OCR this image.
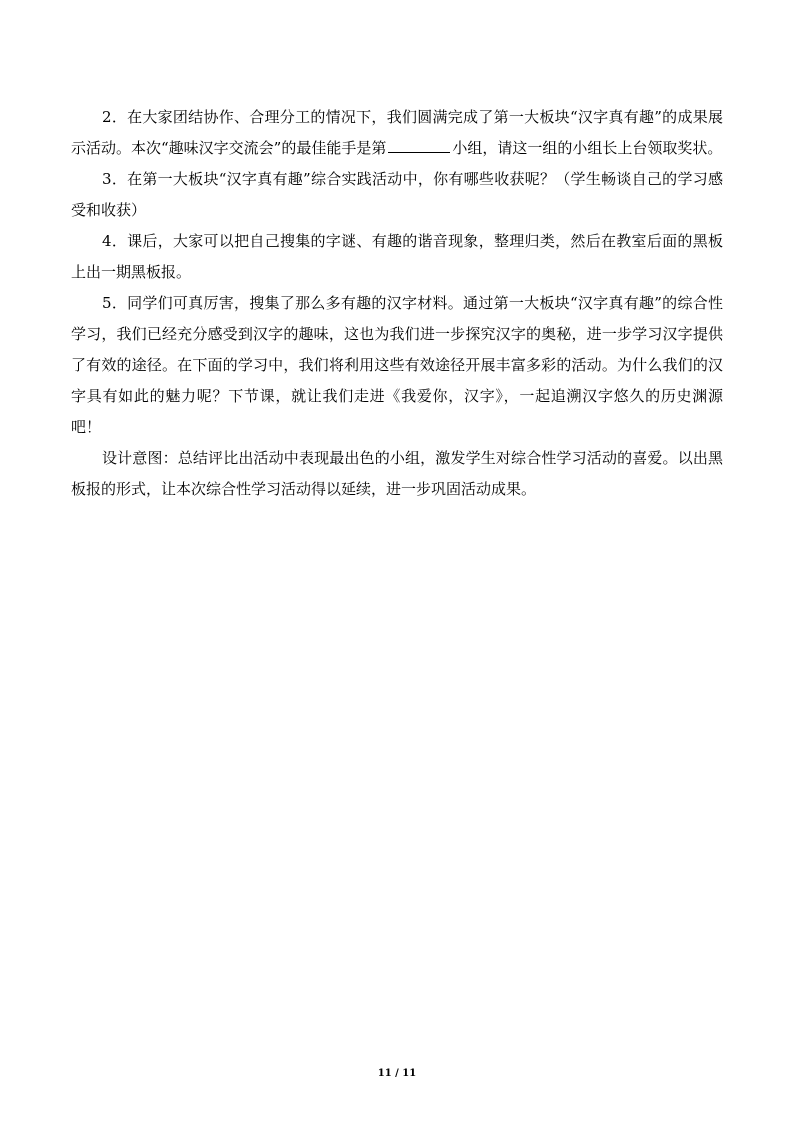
2．在大家团结协作、合理分工的情况下，我们圆满完成了第一大板块“汉字真有趣”的成果展示活动。本次“趣味汉字交流会”的最佳能手是第	小组，请这一组的小组长上台领取奖状。

3．在第一大板块“汉字真有趣”综合实践活动中，你有哪些收获呢？（学生畅谈自己的学习感受和收获）

4．课后，大家可以把自己搜集的字谜、有趣的谐音现象，整理归类，然后在教室后面的黑板上出一期黑板报。

5．同学们可真厉害，搜集了那么多有趣的汉字材料。通过第一大板块“汉字真有趣”的综合性学习，我们已经充分感受到汉字的趣味，这也为我们进一步探究汉字的奥秘，进一步学习汉字提供了有效的途径。在下面的学习中，我们将利用这些有效途径开展丰富多彩的活动。为什么我们的汉字具有如此的魅力呢？下节课，就让我们走进《我爱你，汉字》，一起追溯汉字悠久的历史渊源吧！

设计意图：总结评比出活动中表现最出色的小组，激发学生对综合性学习活动的喜爱。以出黑板报的形式，让本次综合性学习活动得以延续，进一步巩固活动成果。

11 / 11
